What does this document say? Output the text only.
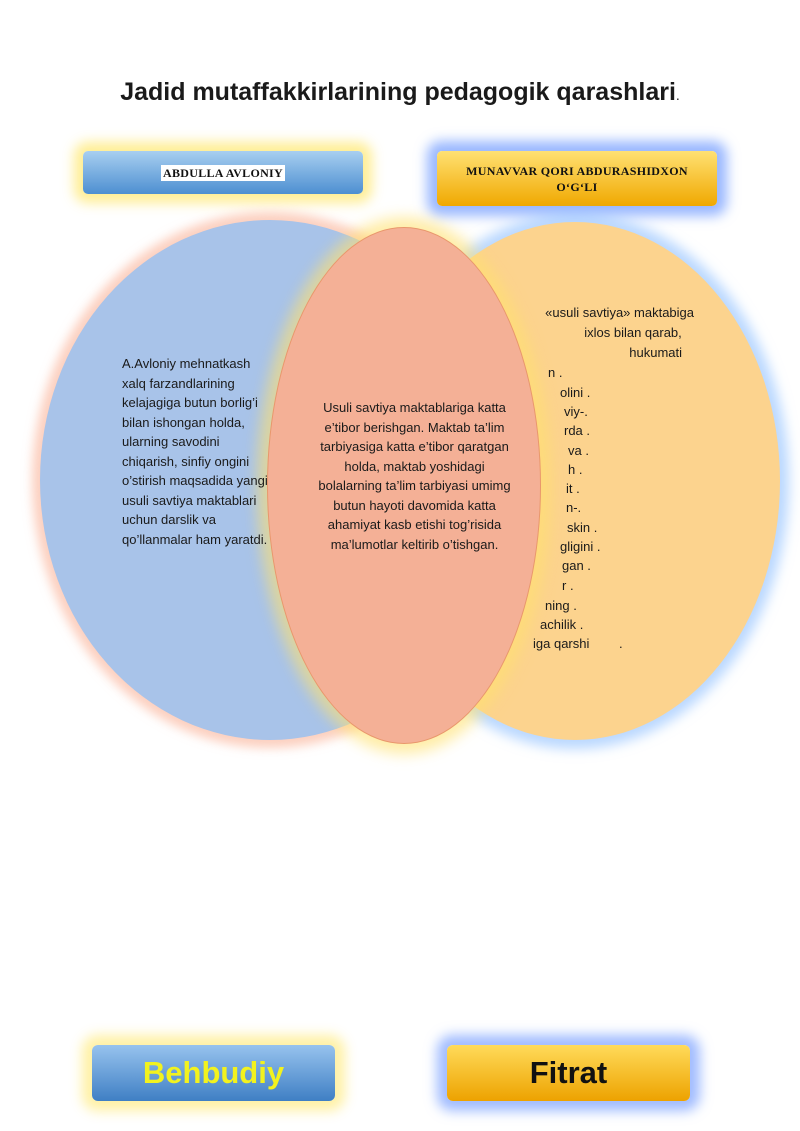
Jadid mutaffakkirlarining pedagogik qarashlari.
ABDULLA AVLONIY	MUNAVVAR QORI ABDURASHIDXON
O‘G‘LI
«usuli savtiya» maktabiga
ixlos bilan qarab,
hukumati
n .
olini .
viy-.
rda .
va .
h .
it .
n-.
skin .
gligini .
gan .
r .
ning .
achilik .
iga qarshi .
A.Avloniy mehnatkash xalq farzandlarining kelajagiga butun borlig’i bilan ishongan holda, ularning savodini chiqarish, sinfiy ongini o’stirish maqsadida yangi usuli savtiya maktablari uchun darslik va qo’llanmalar ham yaratdi.
Usuli savtiya maktablariga katta e’tibor berishgan. Maktab ta’lim tarbiyasiga katta e’tibor qaratgan holda, maktab yoshidagi bolalarning ta’lim tarbiyasi umimg butun hayoti davomida katta ahamiyat kasb etishi tog’risida ma’lumotlar keltirib o’tishgan.
Behbudiy	Fitrat
